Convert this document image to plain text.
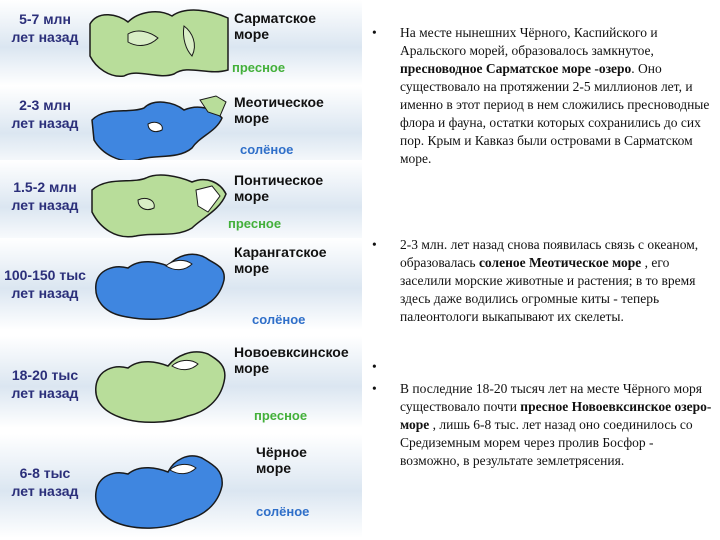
5-7 млн
лет назад
Сарматское
море
пресное
2-3 млн
лет назад
Меотическое
море
солёное
1.5-2 млн
лет назад
Понтическое
море
пресное
100-150 тыс
лет назад
Карангатское
море
солёное
18-20 тыс
лет назад
Новоевксинское
море
пресное
6-8 тыс
лет назад
Чёрное
море
солёное
•	На месте нынешних Чёрного, Каспийского и Аральского морей, образовалось замкнутое, пресноводное Сарматское море -озеро. Оно существовало на протяжении 2-5 миллионов лет, и именно в этот период в нем сложились пресноводные флора и фауна, остатки которых сохранились до сих пор. Крым и Кавказ были островами в Сарматском море.
•	2-3 млн. лет назад снова появилась связь с океаном, образовалась соленое Меотическое море , его заселили морские животные и растения; в то время здесь даже водились огромные киты - теперь палеонтологи выкапывают их скелеты.
•
•	В последние 18-20 тысяч лет на месте Чёрного моря существовало почти пресное Новоевксинское озеро-море , лишь 6-8 тыс. лет назад оно соединилось со Средиземным морем через пролив Босфор - возможно, в результате землетрясения.
